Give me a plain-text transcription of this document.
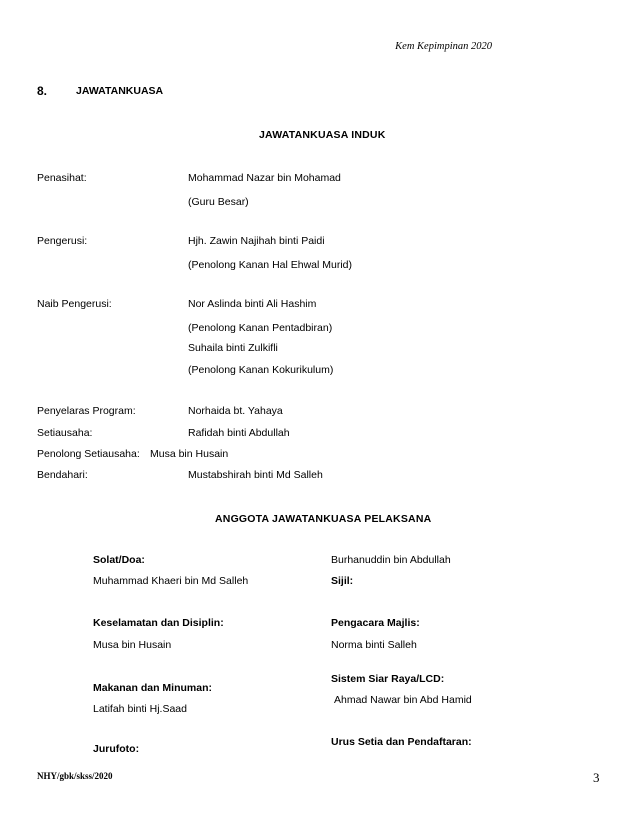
Kem Kepimpinan 2020
8.	JAWATANKUASA
JAWATANKUASA INDUK
Penasihat:	Mohammad Nazar bin Mohamad
(Guru Besar)
Pengerusi:	Hjh. Zawin Najihah binti Paidi
(Penolong Kanan Hal Ehwal Murid)
Naib Pengerusi:	Nor Aslinda binti Ali Hashim
(Penolong Kanan Pentadbiran)
Suhaila binti Zulkifli
(Penolong Kanan Kokurikulum)
Penyelaras Program:	Norhaida bt. Yahaya
Setiausaha:	Rafidah binti Abdullah
Penolong Setiausaha: Musa bin Husain
Bendahari:	Mustabshirah binti Md Salleh
ANGGOTA JAWATANKUASA PELAKSANA
Solat/Doa:
Muhammad Khaeri bin Md Salleh
Keselamatan dan Disiplin:
Musa bin Husain
Makanan dan Minuman:
Latifah binti Hj.Saad
Jurufoto:
Burhanuddin bin Abdullah
Sijil:
Pengacara Majlis:
Norma binti Salleh
Sistem Siar Raya/LCD:
Ahmad Nawar bin Abd Hamid
Urus Setia dan Pendaftaran:
NHY/gbk/skss/2020	3
